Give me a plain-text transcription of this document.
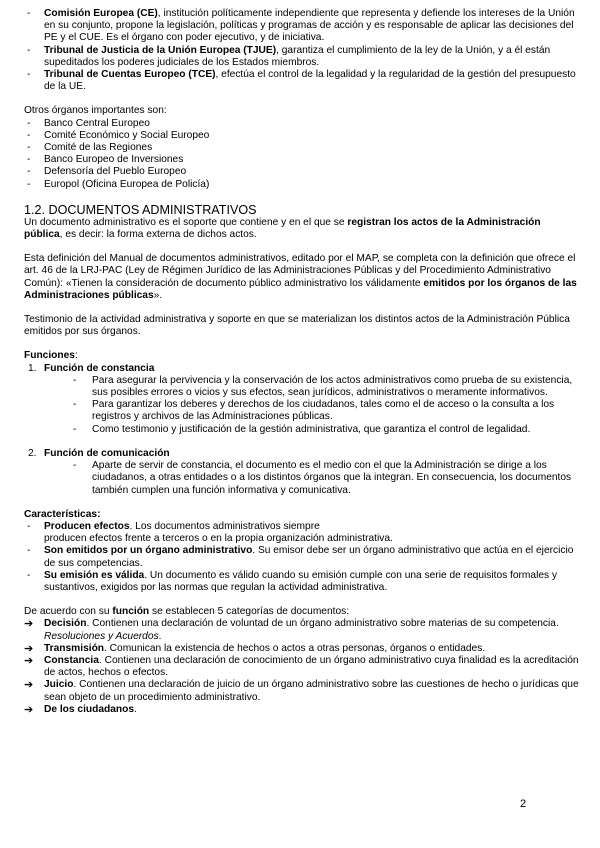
- Comisión Europea (CE), institución políticamente independiente que representa y defiende los intereses de la Unión en su conjunto, propone la legislación, políticas y programas de acción y es responsable de aplicar las decisiones del PE y el CUE. Es el órgano con poder ejecutivo, y de iniciativa.
- Tribunal de Justicia de la Unión Europea (TJUE), garantiza el cumplimiento de la ley de la Unión, y a él están supeditados los poderes judiciales de los Estados miembros.
- Tribunal de Cuentas Europeo (TCE), efectúa el control de la legalidad y la regularidad de la gestión del presupuesto de la UE.
Otros órganos importantes son:
- Banco Central Europeo
- Comité Económico y Social Europeo
- Comité de las Regiones
- Banco Europeo de Inversiones
- Defensoría del Pueblo Europeo
- Europol (Oficina Europea de Policía)
1.2. DOCUMENTOS ADMINISTRATIVOS
Un documento administrativo es el soporte que contiene y en el que se registran los actos de la Administración pública, es decir: la forma externa de dichos actos.
Esta definición del Manual de documentos administrativos, editado por el MAP, se completa con la definición que ofrece el art. 46 de la LRJ-PAC (Ley de Régimen Jurídico de las Administraciones Públicas y del Procedimiento Administrativo Común): «Tienen la consideración de documento público administrativo los válidamente emitidos por los órganos de las Administraciones públicas».
Testimonio de la actividad administrativa y soporte en que se materializan los distintos actos de la Administración Pública emitidos por sus órganos.
Funciones:
1. Función de constancia
- Para asegurar la pervivencia y la conservación de los actos administrativos como prueba de su existencia, sus posibles errores o vicios y sus efectos, sean jurídicos, administrativos o meramente informativos.
- Para garantizar los deberes y derechos de los ciudadanos, tales como el de acceso o la consulta a los registros y archivos de las Administraciones públicas.
- Como testimonio y justificación de la gestión administrativa, que garantiza el control de legalidad.
2. Función de comunicación
- Aparte de servir de constancia, el documento es el medio con el que la Administración se dirige a los ciudadanos, a otras entidades o a los distintos órganos que la integran. En consecuencia, los documentos también cumplen una función informativa y comunicativa.
Características:
- Producen efectos. Los documentos administrativos siempre
producen efectos frente a terceros o en la propia organización administrativa.
- Son emitidos por un órgano administrativo. Su emisor debe ser un órgano administrativo que actúa en el ejercicio de sus competencias.
- Su emisión es válida. Un documento es válido cuando su emisión cumple con una serie de requisitos formales y sustantivos, exigidos por las normas que regulan la actividad administrativa.
De acuerdo con su función se establecen 5 categorías de documentos:
➔ Decisión. Contienen una declaración de voluntad de un órgano administrativo sobre materias de su competencia. Resoluciones y Acuerdos.
➔ Transmisión. Comunican la existencia de hechos o actos a otras personas, órganos o entidades.
➔ Constancia. Contienen una declaración de conocimiento de un órgano administrativo cuya finalidad es la acreditación de actos, hechos o efectos.
➔ Juicio. Contienen una declaración de juicio de un órgano administrativo sobre las cuestiones de hecho o jurídicas que sean objeto de un procedimiento administrativo.
➔ De los ciudadanos.
2
